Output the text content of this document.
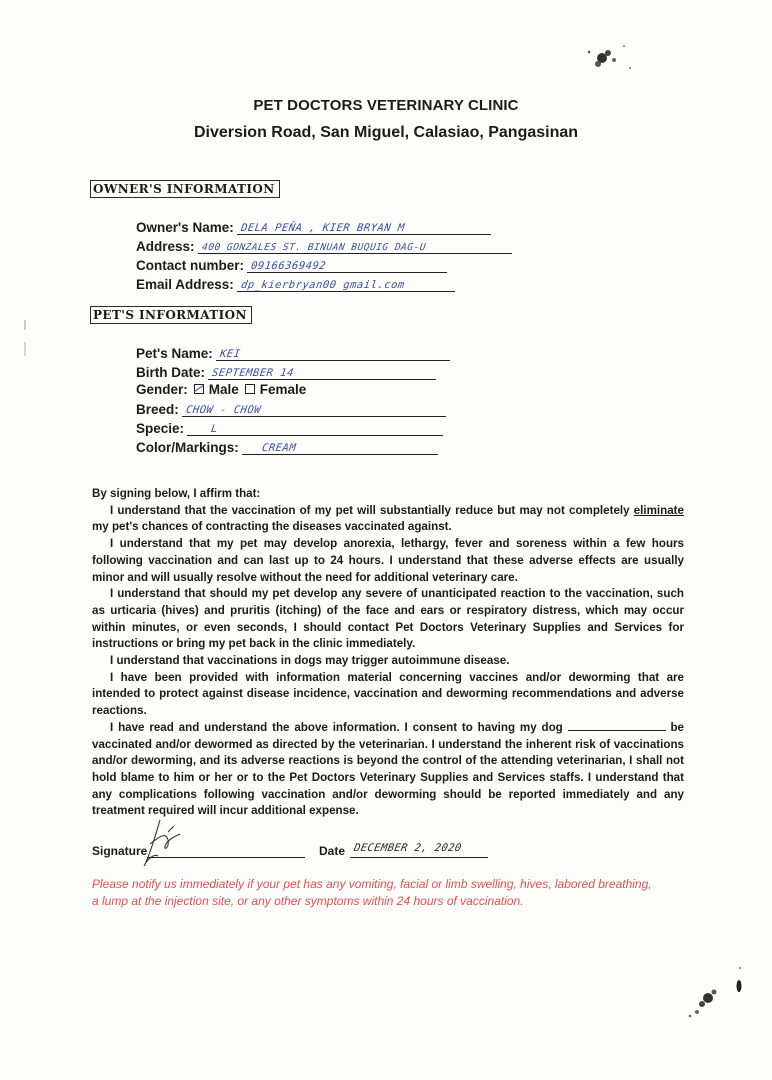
PET DOCTORS VETERINARY CLINIC
Diversion Road, San Miguel, Calasiao, Pangasinan
OWNER'S INFORMATION
Owner's Name: DELA PEÑA , KIER BRYAN M
Address: 400 GONZALES ST. BINUAN BUQUIG DAG-U
Contact number: 09166369492
Email Address: dp_kierbryan00 gmail.com
PET'S INFORMATION
Pet's Name: KEI
Birth Date: SEPTEMBER 14
Gender: Male Female
Breed: CHOW - CHOW
Specie: L
Color/Markings: CREAM

By signing below, I affirm that:

I understand that the vaccination of my pet will substantially reduce but may not completely eliminate my pet's chances of contracting the diseases vaccinated against.

I understand that my pet may develop anorexia, lethargy, fever and soreness within a few hours following vaccination and can last up to 24 hours. I understand that these adverse effects are usually minor and will usually resolve without the need for additional veterinary care.

I understand that should my pet develop any severe of unanticipated reaction to the vaccination, such as urticaria (hives) and pruritis (itching) of the face and ears or respiratory distress, which may occur within minutes, or even seconds, I should contact Pet Doctors Veterinary Supplies and Services for instructions or bring my pet back in the clinic immediately.

I understand that vaccinations in dogs may trigger autoimmune disease.

I have been provided with information material concerning vaccines and/or deworming that are intended to protect against disease incidence, vaccination and deworming recommendations and adverse reactions.

I have read and understand the above information. I consent to having my dog	be vaccinated and/or dewormed as directed by the veterinarian. I understand the inherent risk of vaccinations and/or deworming, and its adverse reactions is beyond the control of the attending veterinarian, I shall not hold blame to him or her or to the Pet Doctors Veterinary Supplies and Services staffs. I understand that any complications following vaccination and/or deworming should be reported immediately and any treatment required will incur additional expense.

Signature	Date DECEMBER 2, 2020
Please notify us immediately if your pet has any vomiting, facial or limb swelling, hives, labored breathing, a lump at the injection site, or any other symptoms within 24 hours of vaccination.
